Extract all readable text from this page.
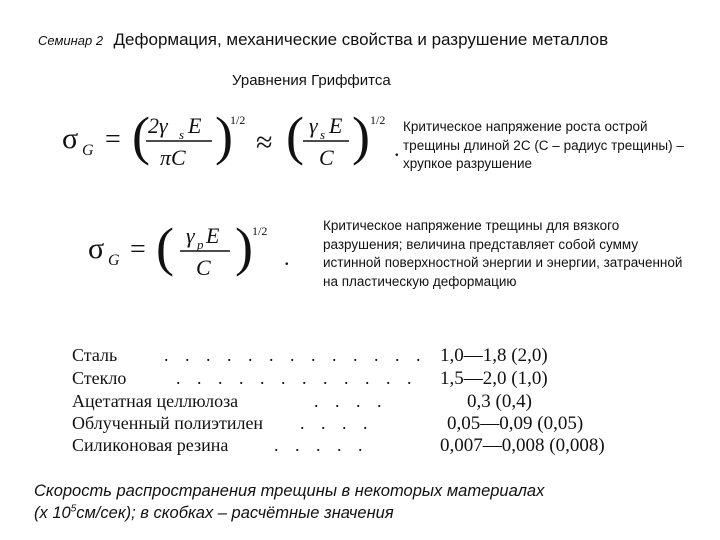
Семинар 2 Деформация, механические свойства и разрушение металлов
Уравнения Гриффитса
σ G = (
2γ s E
πC )
1/2
≈ ( γ s E
C ) 1/2
.
Критическое напряжение роста острой трещины длиной 2С (С – радиус трещины) – хрупкое разрушение
σ G = ( γ p E
C ) 1/2
.
Критическое напряжение трещины для вязкого разрушения; величина представляет собой сумму истинной поверхностной энергии и энергии, затраченной на пластическую деформацию
Сталь	. . . . . . . . . . . . . 1,0—1,8 (2,0)
Стекло	. . . . . . . . . . . . 1,5—2,0 (1,0)
Ацетатная целлюлоза	. . . .	0,3 (0,4)
Облученный полиэтилен . . . .	0,05—0,09 (0,05)
Силиконовая резина	. . . . .	0,007—0,008 (0,008)
Скорость распространения трещины в некоторых материалах
(х $10^5см/сек$); в скобках – расчётные значения
